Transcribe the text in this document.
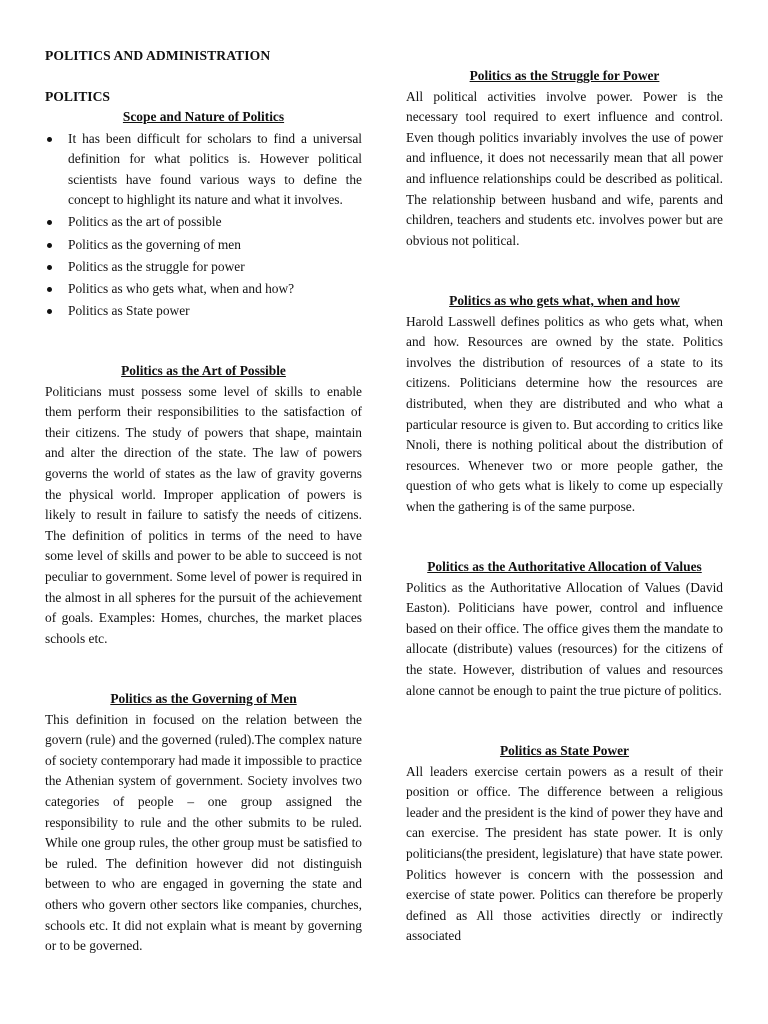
POLITICS AND ADMINISTRATION
POLITICS
Scope and Nature of Politics
It has been difficult for scholars to find a universal definition for what politics is. However political scientists have found various ways to define the concept to highlight its nature and what it involves.
Politics as the art of possible
Politics as the governing of men
Politics as the struggle for power
Politics as who gets what, when and how?
Politics as State power
Politics as the Art of Possible

Politicians must possess some level of skills to enable them perform their responsibilities to the satisfaction of their citizens. The study of powers that shape, maintain and alter the direction of the state. The law of powers governs the world of states as the law of gravity governs the physical world. Improper application of powers is likely to result in failure to satisfy the needs of citizens. The definition of politics in terms of the need to have some level of skills and power to be able to succeed is not peculiar to government. Some level of power is required in the almost in all spheres for the pursuit of the achievement of goals. Examples: Homes, churches, the market places schools etc.

Politics as the Governing of Men

This definition in focused on the relation between the govern (rule) and the governed (ruled).The complex nature of society contemporary had made it impossible to practice the Athenian system of government. Society involves two categories of people – one group assigned the responsibility to rule and the other submits to be ruled. While one group rules, the other group must be satisfied to be ruled. The definition however did not distinguish between to who are engaged in governing the state and others who govern other sectors like companies, churches, schools etc. It did not explain what is meant by governing or to be governed.

Politics as the Struggle for Power

All political activities involve power. Power is the necessary tool required to exert influence and control. Even though politics invariably involves the use of power and influence, it does not necessarily mean that all power and influence relationships could be described as political. The relationship between husband and wife, parents and children, teachers and students etc. involves power but are obvious not political.

Politics as who gets what, when and how

Harold Lasswell defines politics as who gets what, when and how. Resources are owned by the state. Politics involves the distribution of resources of a state to its citizens. Politicians determine how the resources are distributed, when they are distributed and who what a particular resource is given to. But according to critics like Nnoli, there is nothing political about the distribution of resources. Whenever two or more people gather, the question of who gets what is likely to come up especially when the gathering is of the same purpose.

Politics as the Authoritative Allocation of Values

Politics as the Authoritative Allocation of Values (David Easton). Politicians have power, control and influence based on their office. The office gives them the mandate to allocate (distribute) values (resources) for the citizens of the state. However, distribution of values and resources alone cannot be enough to paint the true picture of politics.

Politics as State Power

All leaders exercise certain powers as a result of their position or office. The difference between a religious leader and the president is the kind of power they have and can exercise. The president has state power. It is only politicians(the president, legislature) that have state power. Politics however is concern with the possession and exercise of state power. Politics can therefore be properly defined as All those activities directly or indirectly associated
